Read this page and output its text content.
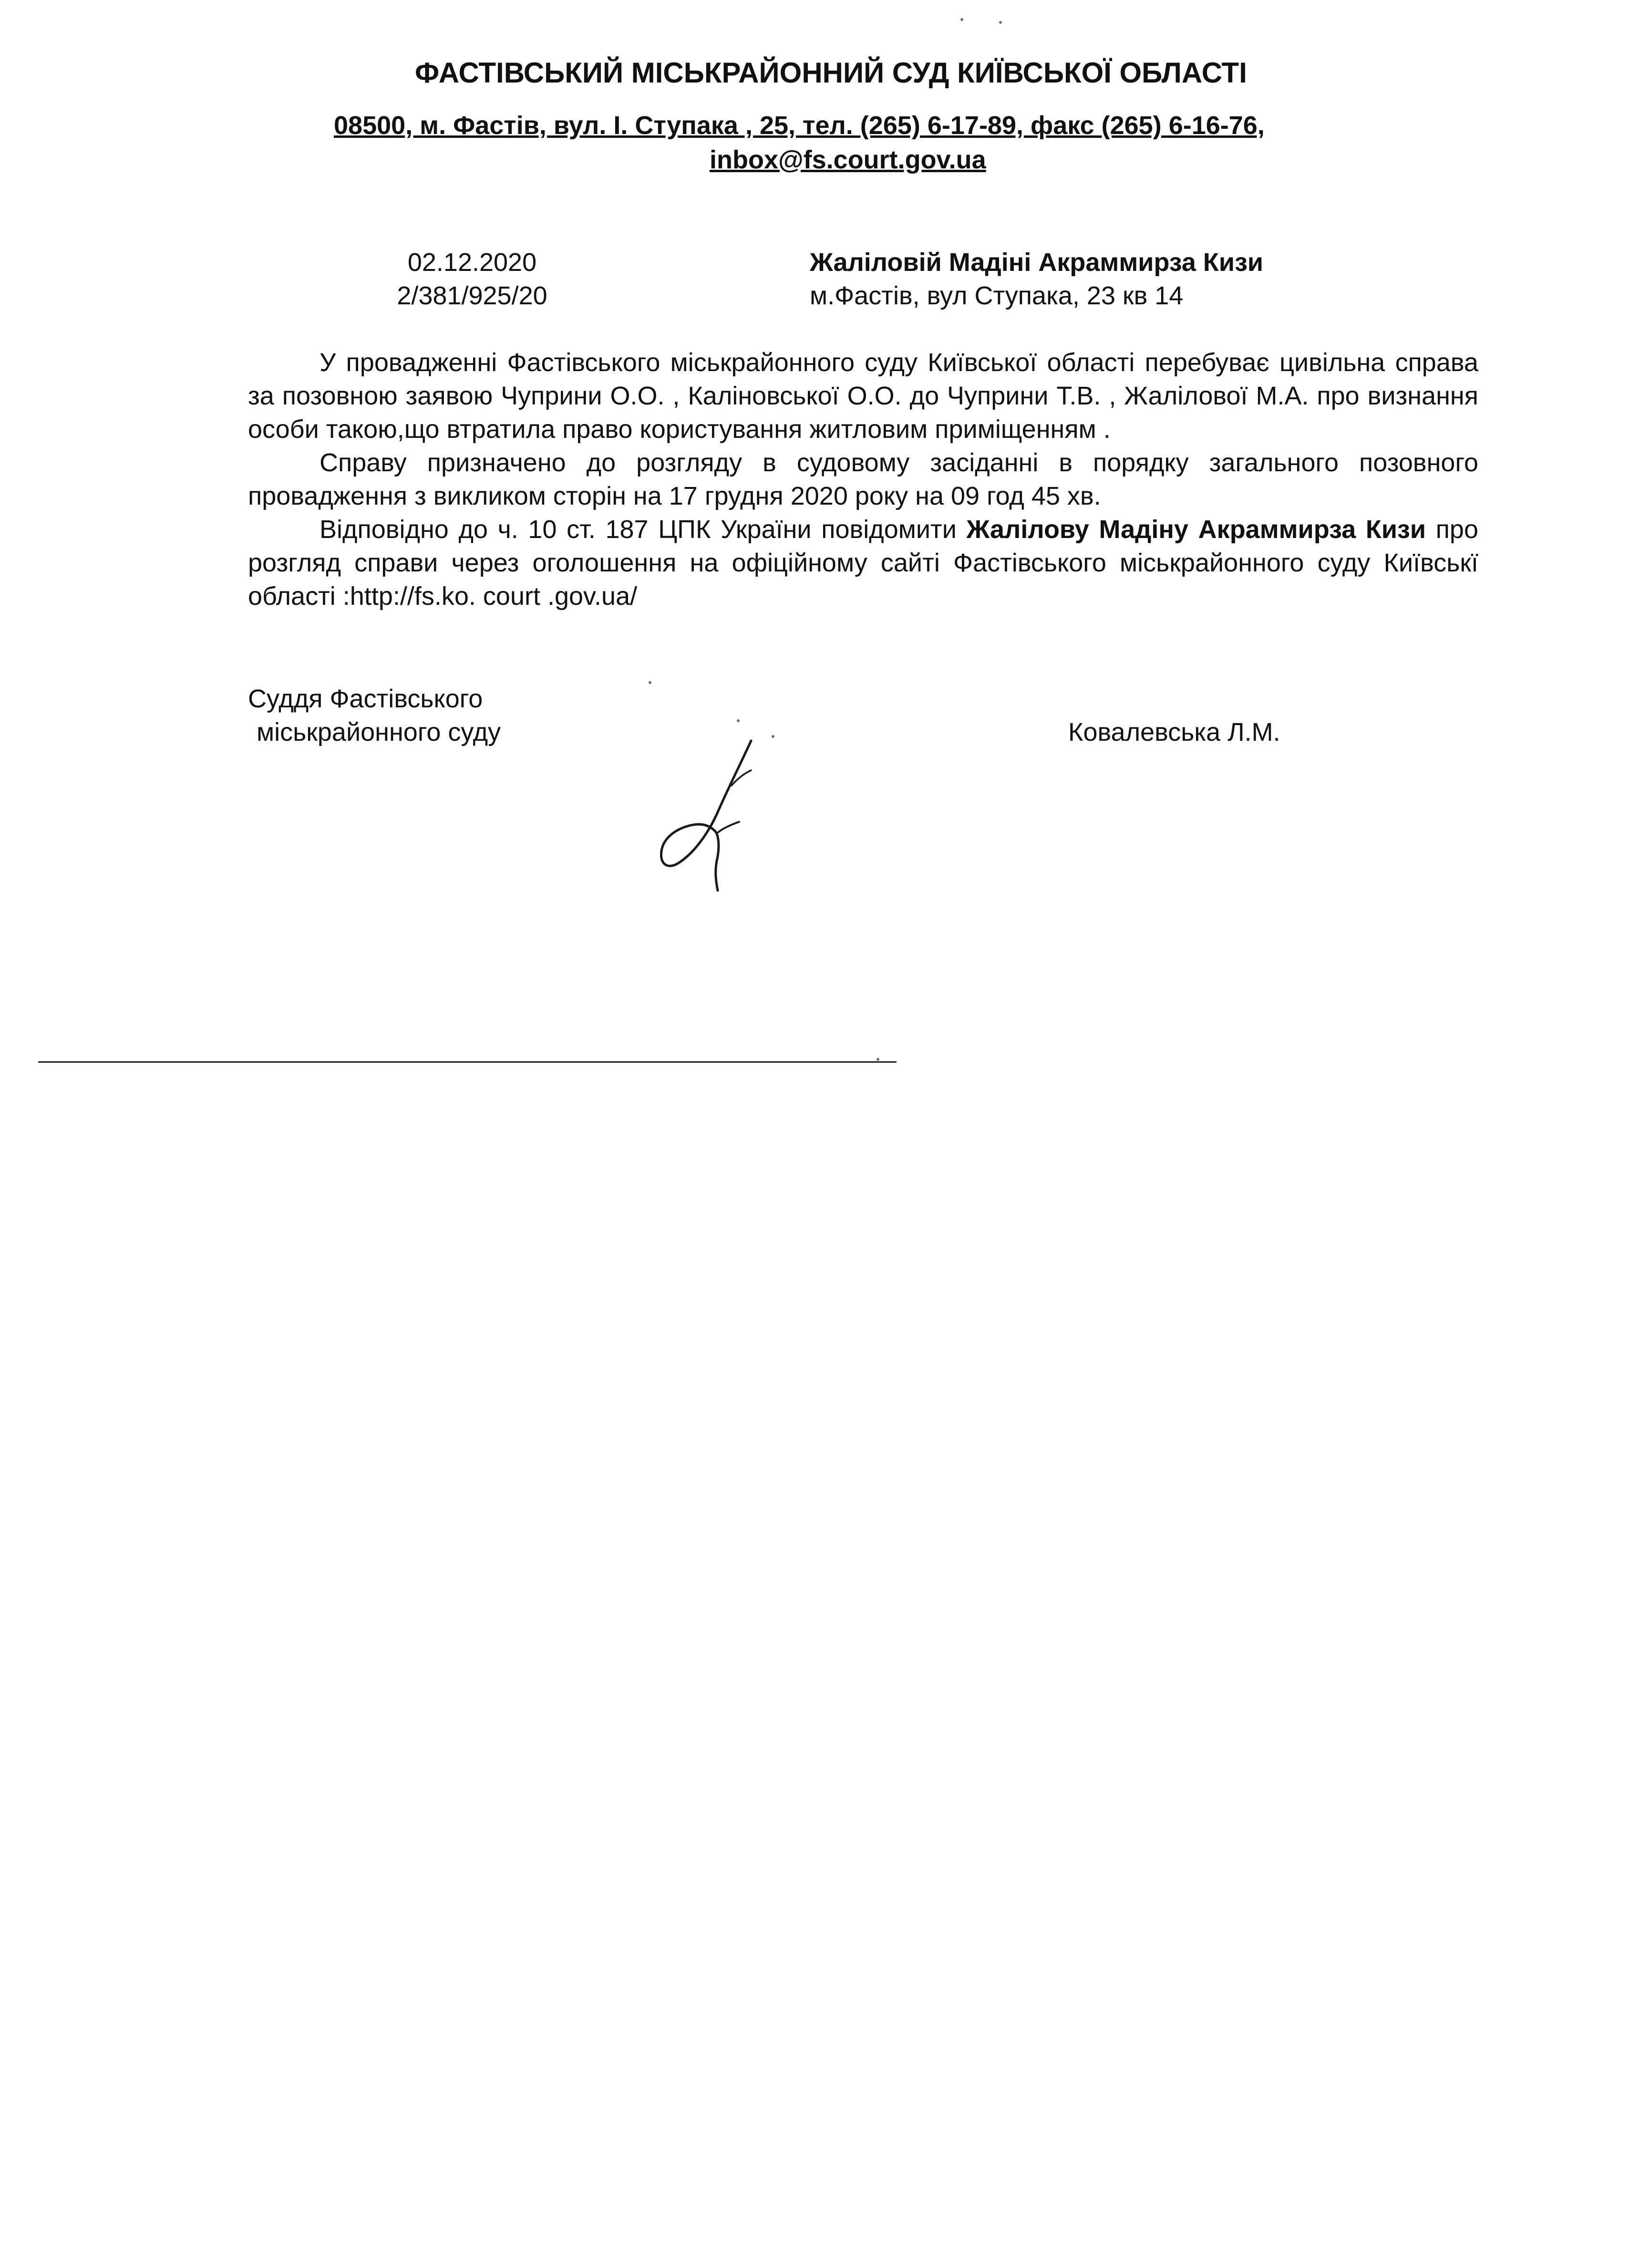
ФАСТІВСЬКИЙ МІСЬКРАЙОННИЙ СУД КИЇВСЬКОЇ ОБЛАСТІ
08500, м. Фастів, вул. І. Ступака , 25, тел. (265) 6-17-89, факс (265) 6-16-76,
inbox@fs.court.gov.ua
02.12.2020
2/381/925/20
Жаліловій Мадіні Акраммирза Кизи
м.Фастів, вул Ступака, 23 кв 14

У провадженні Фастівського міськрайонного суду Київської області перебуває цивільна справа за позовною заявою Чуприни О.О. , Каліновської О.О. до Чуприни Т.В. , Жалілової М.А. про визнання особи такою,що втратила право користування житловим приміщенням .

Справу призначено до розгляду в судовому засіданні в порядку загального позовного провадження з викликом сторін на 17 грудня 2020 року на 09 год 45 хв.

Відповідно до ч. 10 ст. 187 ЦПК України повідомити Жалілову Мадіну Акраммирза Кизи про розгляд справи через оголошення на офіційному сайті Фастівського міськрайонного суду Київськї області :http://fs.ko. court .gov.ua/

Суддя Фастівського
міськрайонного суду	Ковалевська Л.М.
